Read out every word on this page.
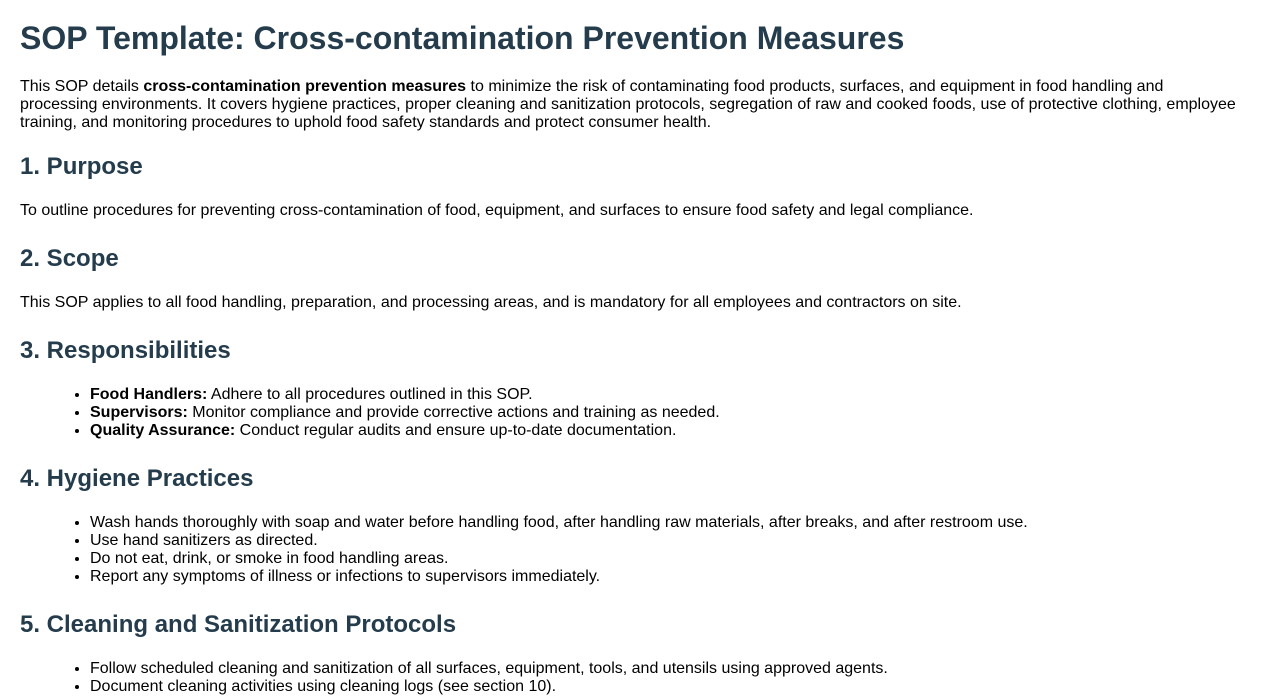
SOP Template: Cross-contamination Prevention Measures

This SOP details cross-contamination prevention measures to minimize the risk of contaminating food products, surfaces, and equipment in food handling and processing environments. It covers hygiene practices, proper cleaning and sanitization protocols, segregation of raw and cooked foods, use of protective clothing, employee training, and monitoring procedures to uphold food safety standards and protect consumer health.

1. Purpose

To outline procedures for preventing cross-contamination of food, equipment, and surfaces to ensure food safety and legal compliance.

2. Scope

This SOP applies to all food handling, preparation, and processing areas, and is mandatory for all employees and contractors on site.

3. Responsibilities
• Food Handlers: Adhere to all procedures outlined in this SOP.
• Supervisors: Monitor compliance and provide corrective actions and training as needed.
• Quality Assurance: Conduct regular audits and ensure up-to-date documentation.
4. Hygiene Practices
• Wash hands thoroughly with soap and water before handling food, after handling raw materials, after breaks, and after restroom use.
• Use hand sanitizers as directed.
• Do not eat, drink, or smoke in food handling areas.
• Report any symptoms of illness or infections to supervisors immediately.
5. Cleaning and Sanitization Protocols
• Follow scheduled cleaning and sanitization of all surfaces, equipment, tools, and utensils using approved agents.
• Document cleaning activities using cleaning logs (see section 10).
